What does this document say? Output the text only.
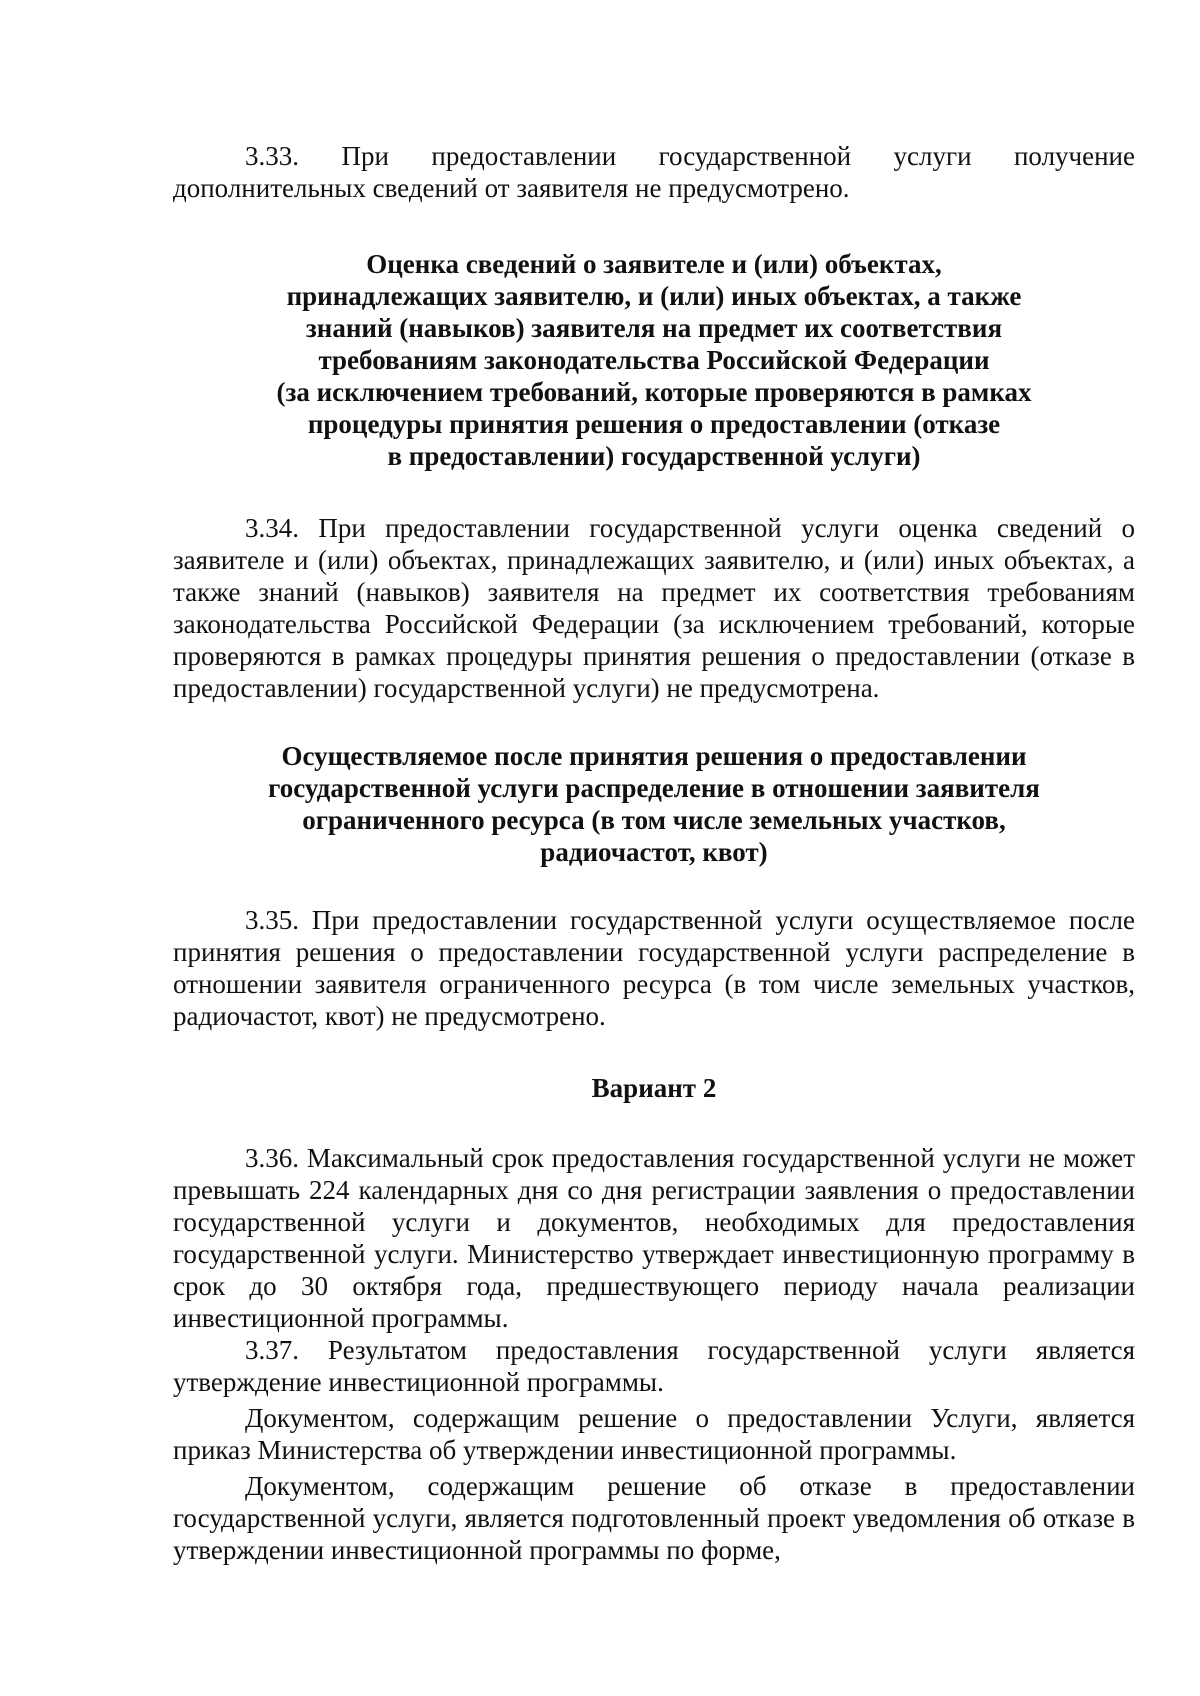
3.33. При предоставлении государственной услуги получение дополнительных сведений от заявителя не предусмотрено.

Оценка сведений о заявителе и (или) объектах,
принадлежащих заявителю, и (или) иных объектах, а также
знаний (навыков) заявителя на предмет их соответствия
требованиям законодательства Российской Федерации
(за исключением требований, которые проверяются в рамках
процедуры принятия решения о предоставлении (отказе
в предоставлении) государственной услуги)

3.34. При предоставлении государственной услуги оценка сведений о заявителе и (или) объектах, принадлежащих заявителю, и (или) иных объектах, а также знаний (навыков) заявителя на предмет их соответствия требованиям законодательства Российской Федерации (за исключением требований, которые проверяются в рамках процедуры принятия решения о предоставлении (отказе в предоставлении) государственной услуги) не предусмотрена.

Осуществляемое после принятия решения о предоставлении
государственной услуги распределение в отношении заявителя
ограниченного ресурса (в том числе земельных участков,
радиочастот, квот)

3.35. При предоставлении государственной услуги осуществляемое после принятия решения о предоставлении государственной услуги распределение в отношении заявителя ограниченного ресурса (в том числе земельных участков, радиочастот, квот) не предусмотрено.

Вариант 2

3.36. Максимальный срок предоставления государственной услуги не может превышать 224 календарных дня со дня регистрации заявления о предоставлении государственной услуги и документов, необходимых для предоставления государственной услуги. Министерство утверждает инвестиционную программу в срок до 30 октября года, предшествующего периоду начала реализации инвестиционной программы.

3.37. Результатом предоставления государственной услуги является утверждение инвестиционной программы.

Документом, содержащим решение о предоставлении Услуги, является приказ Министерства об утверждении инвестиционной программы.

Документом, содержащим решение об отказе в предоставлении государственной услуги, является подготовленный проект уведомления об отказе в утверждении инвестиционной программы по форме,
